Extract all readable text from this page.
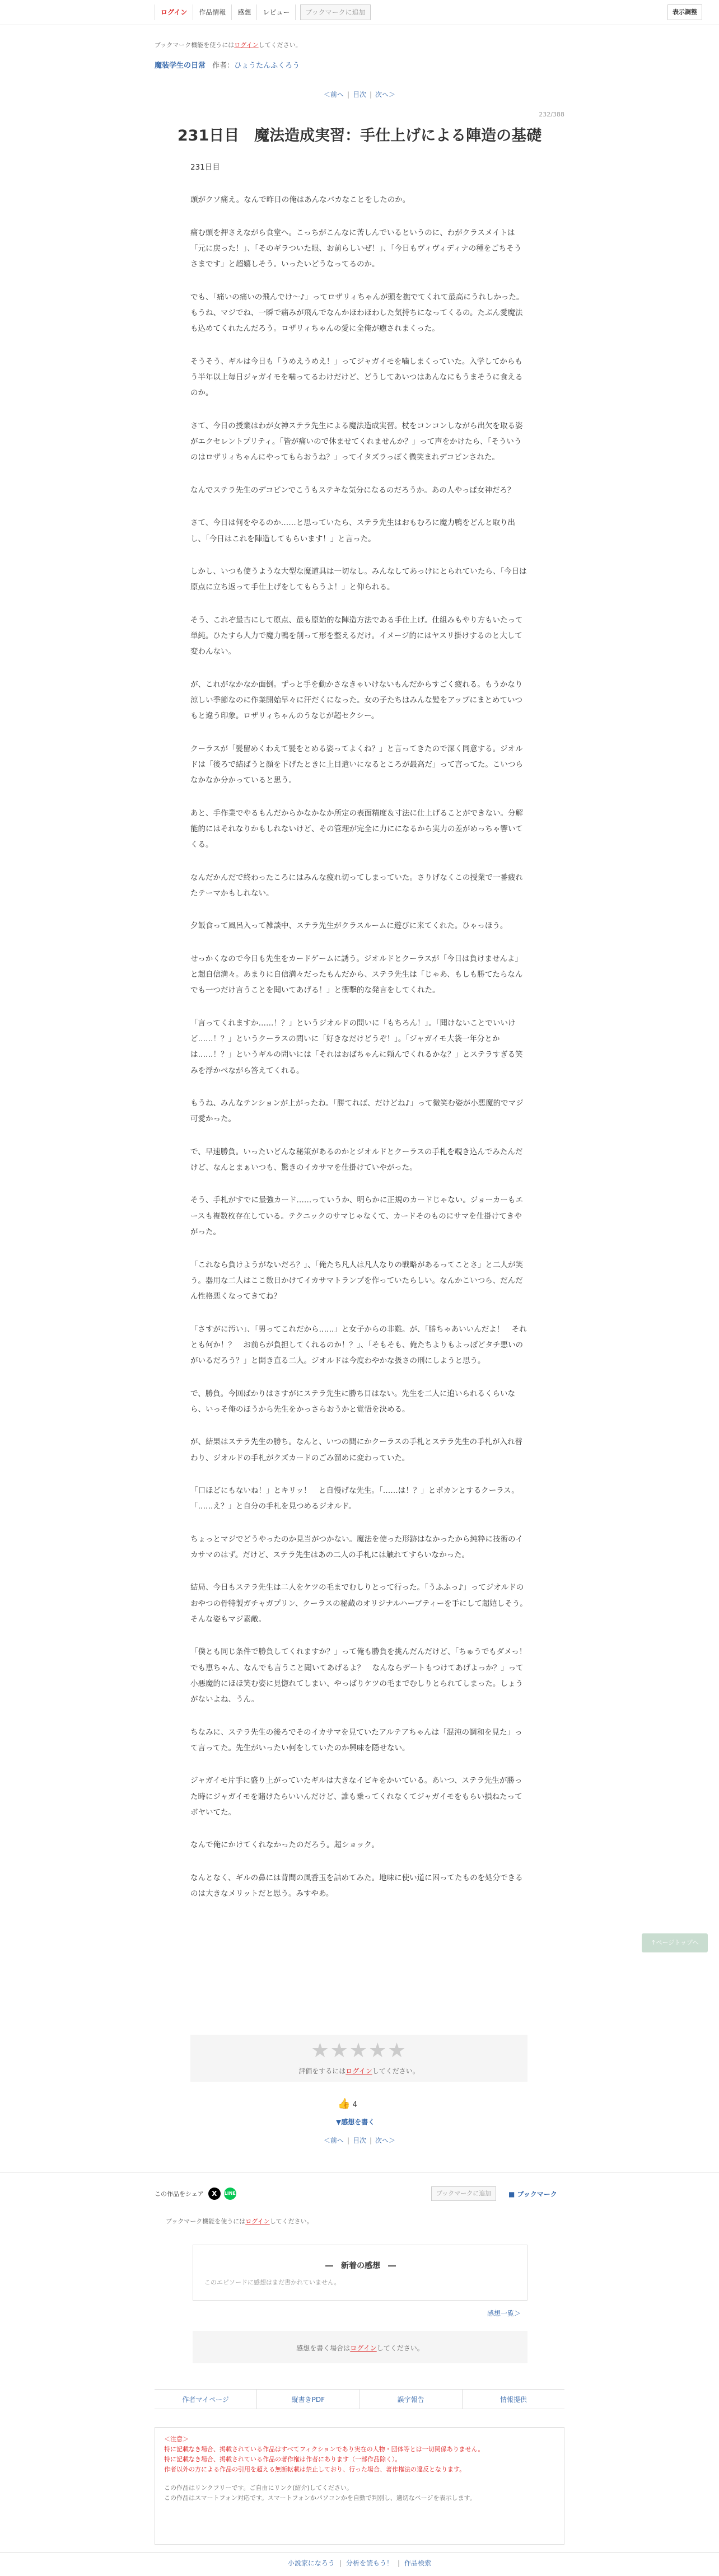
ログイン	作品情報	感想	レビュー	ブックマークに追加	表示調整
ブックマーク機能を使うにはログインしてください。
魔装学生の日常 作者：ひょうたんふくろう
＜前へ | 目次 | 次へ＞
232/388
231日目　魔法造成実習：手仕上げによる陣造の基礎

231日目

頭がクソ痛え。なんで昨日の俺はあんなバカなことをしたのか。

痛む頭を押さえながら食堂へ。こっちがこんなに苦しんでいるというのに、わがクラスメイトは「元に戻った！」、「そのギラついた眼、お前らしいぜ！」、「今日もヴィヴィディナの種をごちそうさまです」と超嬉しそう。いったいどうなってるのか。

でも、「痛いの痛いの飛んでけ〜♪」ってロザリィちゃんが頭を撫でてくれて最高にうれしかった。もうね、マジでね、一瞬で痛みが飛んでなんかほわほわした気持ちになってくるの。たぶん愛魔法も込めてくれたんだろう。ロザリィちゃんの愛に全俺が癒されまくった。

そうそう、ギルは今日も「うめえうめえ！」ってジャガイモを噛しまくっていた。入学してからもう半年以上毎日ジャガイモを噛ってるわけだけど、どうしてあいつはあんなにもうまそうに食えるのか。

さて、今日の授業はわが女神ステラ先生による魔法造成実習。杖をコンコンしながら出欠を取る姿がエクセレントプリティ。「皆が痛いので休ませてくれませんか？」って声をかけたら、「そういうのはロザリィちゃんにやってもらおうね？」ってイタズラっぽく微笑まれデコピンされた。

なんでステラ先生のデコピンでこうもステキな気分になるのだろうか。あの人やっぱ女神だろ？

さて、今日は何をやるのか……と思っていたら、ステラ先生はおもむろに魔力鴨をどんと取り出し、「今日はこれを陣造してもらいます！」と言った。

しかし、いつも使うような大型な魔道具は一切なし。みんなしてあっけにとられていたら、「今日は原点に立ち返って手仕上げをしてもらうよ！」と仰られる。

そう、これぞ最古にして原点、最も原始的な陣造方法である手仕上げ。仕組みもやり方もいたって単純。ひたすら人力で魔力鴨を削って形を整えるだけ。イメージ的にはヤスリ掛けするのと大して変わんない。

が、これがなかなか面倒。ずっと手を動かさなきゃいけないもんだからすごく疲れる。もうかなり涼しい季節なのに作業開始早々に汗だくになった。女の子たちはみんな髪をアップにまとめていつもと違う印象。ロザリィちゃんのうなじが超セクシー。

クーラスが「髪留めくわえて髪をとめる姿ってよくね？」と言ってきたので深く同意する。ジオルドは「後ろで結ばうと顔を下げたときに上目遣いになるところが最高だ」って言ってた。こいつらなかなか分かっていると思う。

あと、手作業でやるもんだからかなかなか所定の表面精度＆寸法に仕上げることができない。分解能的にはそれなりかもしれないけど、その管理が完全に力にになるから実力の差がめっちゃ響いてくる。

なんだかんだで終わったころにはみんな疲れ切ってしまっていた。さりげなくこの授業で一番疲れたテーマかもしれない。

夕飯食って風呂入って雑談中、ステラ先生がクラスルームに遊びに来てくれた。ひゃっほう。

せっかくなので今日も先生をカードゲームに誘う。ジオルドとクーラスが「今日は負けませんよ」と超自信満々。あまりに自信満々だったもんだから、ステラ先生は「じゃあ、もしも勝てたらなんでも一つだけ言うことを聞いてあげる！」と衝撃的な発言をしてくれた。

「言ってくれますか……！？」というジオルドの問いに「もちろん！」。「聞けないことでいいけど……！？」というクーラスの問いに「好きなだけどうぞ！」。「ジャガイモ大袋一年分とかは……！？」というギルの問いには「それはおばちゃんに頼んでくれるかな？」とステラすぎる笑みを浮かべながら答えてくれる。

もうね、みんなテンションが上がったね。「勝てれば、だけどね♪」って微笑む姿が小悪魔的でマジ可愛かった。

で、早速勝負。いったいどんな秘策があるのかとジオルドとクーラスの手札を覗き込んでみたんだけど、なんとまぁいつも、驚きのイカサマを仕掛けていやがった。

そう、手札がすでに最強カード……っていうか、明らかに正規のカードじゃない。ジョーカーもエースも複数枚存在している。テクニックのサマじゃなくて、カードそのものにサマを仕掛けてきやがった。

「これなら負けようがないだろ？」、「俺たち凡人は凡人なりの戦略があるってことさ」と二人が笑う。器用な二人はここ数日かけてイカサマトランプを作っていたらしい。なんかこいつら、だんだん性格悪くなってきてね？

「さすがに汚い」、「男ってこれだから……」と女子からの非難。が、「勝ちゃあいいんだよ！　それとも何か！？　お前らが負担してくれるのか！？」、「そもそも、俺たちよりもよっぽどタチ悪いのがいるだろう？」と開き直る二人。ジオルドは今度わやかな扱さの刑にしようと思う。

で、勝負。今回ばかりはさすがにステラ先生に勝ち目はない。先生を二人に追いられるくらいなら、いっそ俺のほうから先生をかっさらおうかと覚悟を決める。

が、結果はステラ先生の勝ち。なんと、いつの間にかクーラスの手札とステラ先生の手札が入れ替わり、ジオルドの手札がクズカードのごみ溜めに変わっていた。

「口ほどにもないね！」とキリッ！　と自慢げな先生。「……は！？」とポカンとするクーラス。「……え？」と自分の手札を見つめるジオルド。

ちょっとマジでどうやったのか見当がつかない。魔法を使った形跡はなかったから純粋に技術のイカサマのはず。だけど、ステラ先生はあの二人の手札には触れてすらいなかった。

結局、今日もステラ先生は二人をケツの毛までむしりとって行った。「うふふっ♪」ってジオルドのおやつの骨特製ガチャガプリン、クーラスの秘蔵のオリジナルハーブティーを手にして超嬉しそう。そんな姿もマジ素敵。

「僕とも同じ条件で勝負してくれますか？」って俺も勝負を挑んだんだけど、「ちゅうでもダメっ！　でも恵ちゃん、なんでも言うこと聞いてあげるよ？　なんならデートもつけてあげよっか？」って小悪魔的にほほ笑む姿に見惚れてしまい、やっぱりケツの毛までむしりとられてしまった。しょうがないよね、うん。

ちなみに、ステラ先生の後ろでそのイカサマを見ていたアルテアちゃんは「混沌の調和を見た」って言ってた。先生がいったい何をしていたのか興味を隠せない。

ジャガイモ片手に盛り上がっていたギルは大きなイビキをかいている。あいつ、ステラ先生が勝った時にジャガイモを賭けたらいいんだけど、誰も乗ってくれなくてジャガイモをもらい損ねたってボヤいてた。

なんで俺にかけてくれなかったのだろう。超ショック。

なんとなく、ギルの鼻には背間の風香玉を詰めてみた。地味に使い道に困ってたものを処分できるのは大きなメリットだと思う。みすやあ。

★★★★★
評価をするにはログインしてください。
👍 4
▼感想を書く
＜前へ | 目次 | 次へ＞
この作品をシェア	X	LINE	ブックマークに追加	■ ブックマーク
ブックマーク機能を使うにはログインしてください。
―　新着の感想　―
このエピソードに感想はまだ書かれていません。
感想一覧＞
感想を書く場合はログインしてください。
作者マイページ	縦書きPDF	誤字報告	情報提供
＜注意＞
特に記載なき場合、掲載されている作品はすべてフィクションであり実在の人物・団体等とは一切関係ありません。
特に記載なき場合、掲載されている作品の著作権は作者にあります（一部作品除く）。
作者以外の方による作品の引用を超える無断転載は禁止しており、行った場合、著作権法の違反となります。
この作品はリンクフリーです。ご自由にリンク(紹介)してください。
この作品はスマートフォン対応です。スマートフォンかパソコンかを自動で判別し、適切なページを表示します。
小説家になろう | 分析を読もう！ | 作品検索
↑ページトップへ
